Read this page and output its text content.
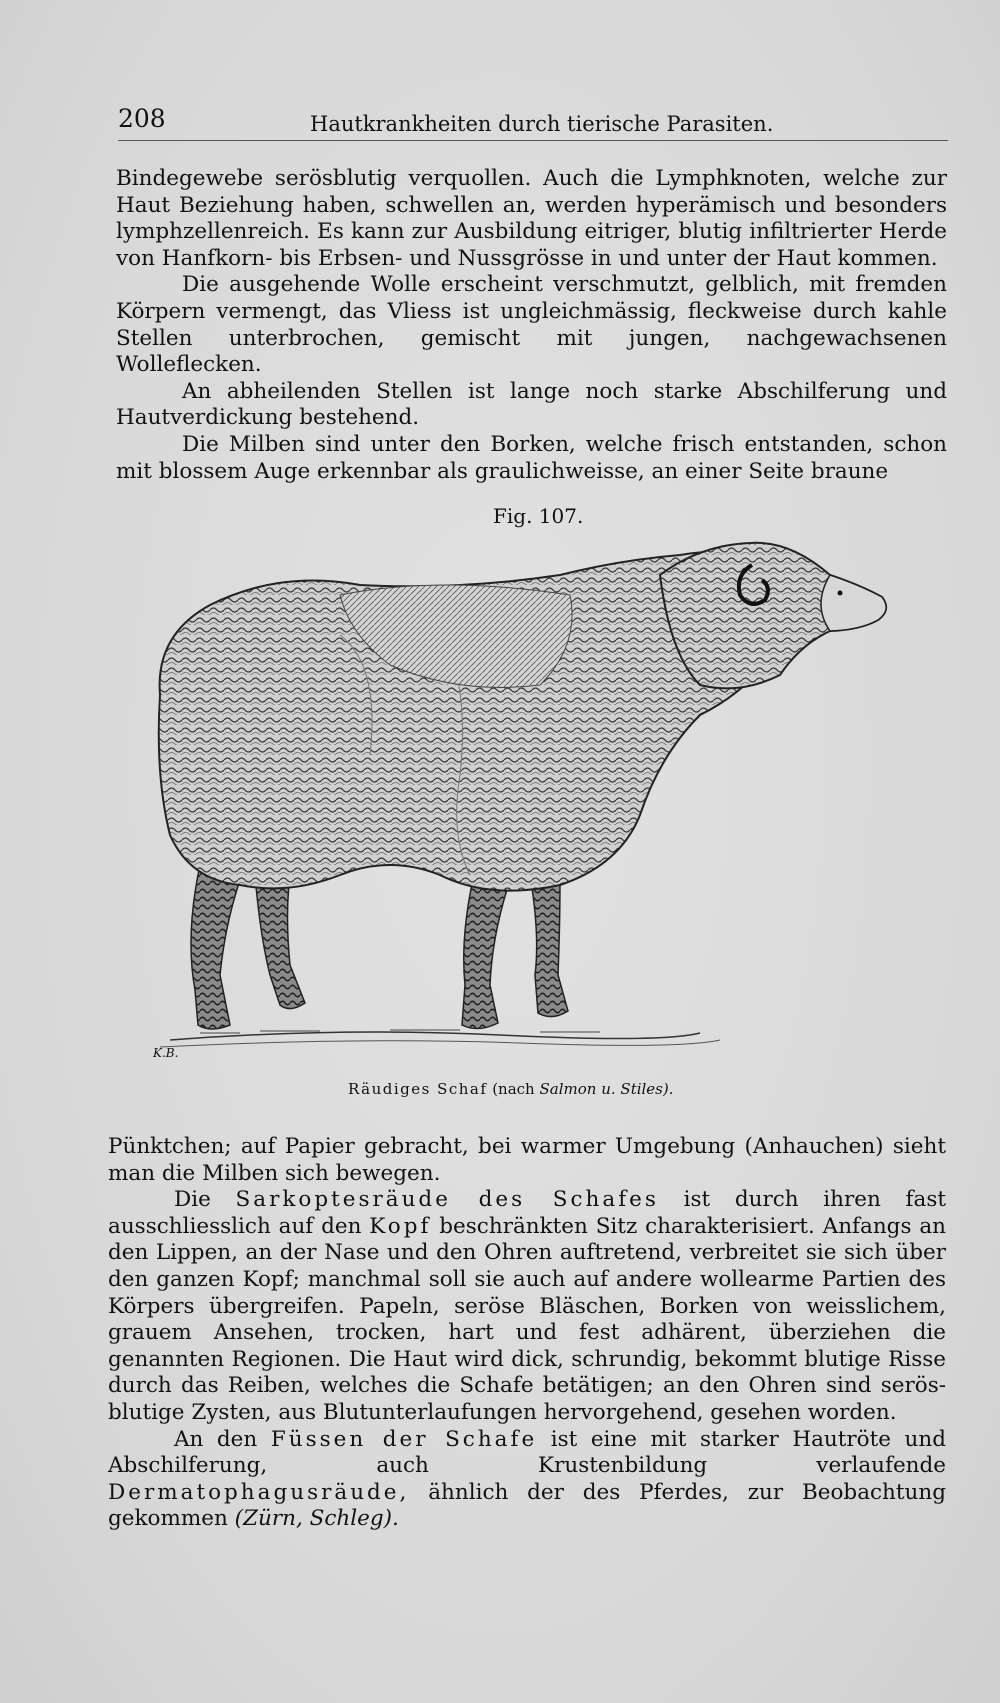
208	Hautkrankheiten durch tierische Parasiten.

Bindegewebe serösblutig verquollen. Auch die Lymphknoten, welche zur Haut Beziehung haben, schwellen an, werden hyperämisch und besonders lymphzellenreich. Es kann zur Ausbildung eitriger, blutig infiltrierter Herde von Hanfkorn- bis Erbsen- und Nussgrösse in und unter der Haut kommen.

Die ausgehende Wolle erscheint verschmutzt, gelblich, mit fremden Körpern vermengt, das Vliess ist ungleichmässig, fleckweise durch kahle Stellen unterbrochen, gemischt mit jungen, nachgewachsenen Wolleflecken.

An abheilenden Stellen ist lange noch starke Abschilferung und Hautverdickung bestehend.

Die Milben sind unter den Borken, welche frisch entstanden, schon mit blossem Auge erkennbar als graulichweisse, an einer Seite braune

Fig. 107.
K.B.
Räudiges Schaf (nach Salmon u. Stiles).

Pünktchen; auf Papier gebracht, bei warmer Umgebung (Anhauchen) sieht man die Milben sich bewegen.

Die Sarkoptesräude des Schafes ist durch ihren fast ausschliesslich auf den Kopf beschränkten Sitz charakterisiert. Anfangs an den Lippen, an der Nase und den Ohren auftretend, verbreitet sie sich über den ganzen Kopf; manchmal soll sie auch auf andere wollearme Partien des Körpers übergreifen. Papeln, seröse Bläschen, Borken von weisslichem, grauem Ansehen, trocken, hart und fest adhärent, überziehen die genannten Regionen. Die Haut wird dick, schrundig, bekommt blutige Risse durch das Reiben, welches die Schafe betätigen; an den Ohren sind serös-blutige Zysten, aus Blutunterlaufungen hervorgehend, gesehen worden.

An den Füssen der Schafe ist eine mit starker Hautröte und Abschilferung, auch Krustenbildung verlaufende Dermatophagusräude, ähnlich der des Pferdes, zur Beobachtung gekommen (Zürn, Schleg).
